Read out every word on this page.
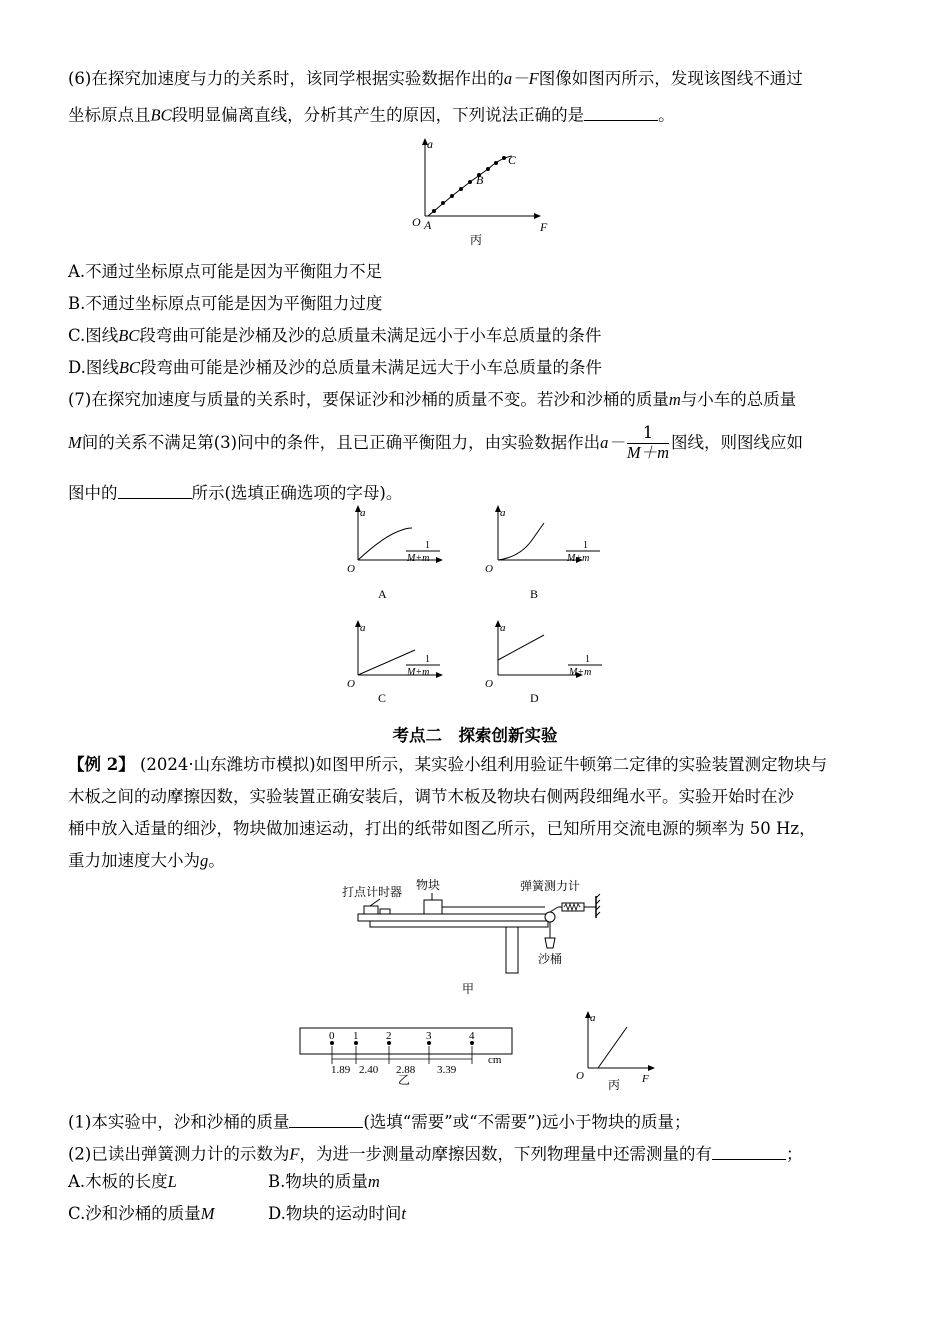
(6)在探究加速度与力的关系时，该同学根据实验数据作出的a－F图像如图丙所示，发现该图线不通过
坐标原点且BC段明显偏离直线，分析其产生的原因，下列说法正确的是	。
a
F
O A
B
C
丙
A.不通过坐标原点可能是因为平衡阻力不足
B.不通过坐标原点可能是因为平衡阻力过度
C.图线BC段弯曲可能是沙桶及沙的总质量未满足远小于小车总质量的条件
D.图线BC段弯曲可能是沙桶及沙的总质量未满足远大于小车总质量的条件
(7)在探究加速度与质量的关系时，要保证沙和沙桶的质量不变。若沙和沙桶的质量m与小车的总质量
M间的关系不满足第(3)问中的条件，且已正确平衡阻力，由实验数据作出$a- \frac{1}{M+m}$ 图线，则图线应如
图中的	所示(选填正确选项的字母)。
a
O
1
M+m
A
a
O
1
M+m
B
a
O
1
M+m
C
a
O
1
M+m
D
考点二　探索创新实验
【例 2】 (2024·山东潍坊市模拟)如图甲所示，某实验小组利用验证牛顿第二定律的实验装置测定物块与
木板之间的动摩擦因数，实验装置正确安装后，调节木板及物块右侧两段细绳水平。实验开始时在沙
桶中放入适量的细沙，物块做加速运动，打出的纸带如图乙所示，已知所用交流电源的频率为 50 Hz，
重力加速度大小为g。
打点计时器 物块	弹簧测力计
沙桶
甲
0 1	2	3	4
1.89 2.40 2.88 3.39
cm
乙
a
O	F
丙
(1)本实验中，沙和沙桶的质量	(选填“需要”或“不需要”)远小于物块的质量；
(2)已读出弹簧测力计的示数为F，为进一步测量动摩擦因数，下列物理量中还需测量的有	；
A.木板的长度L	B.物块的质量m
C.沙和沙桶的质量M	D.物块的运动时间t
